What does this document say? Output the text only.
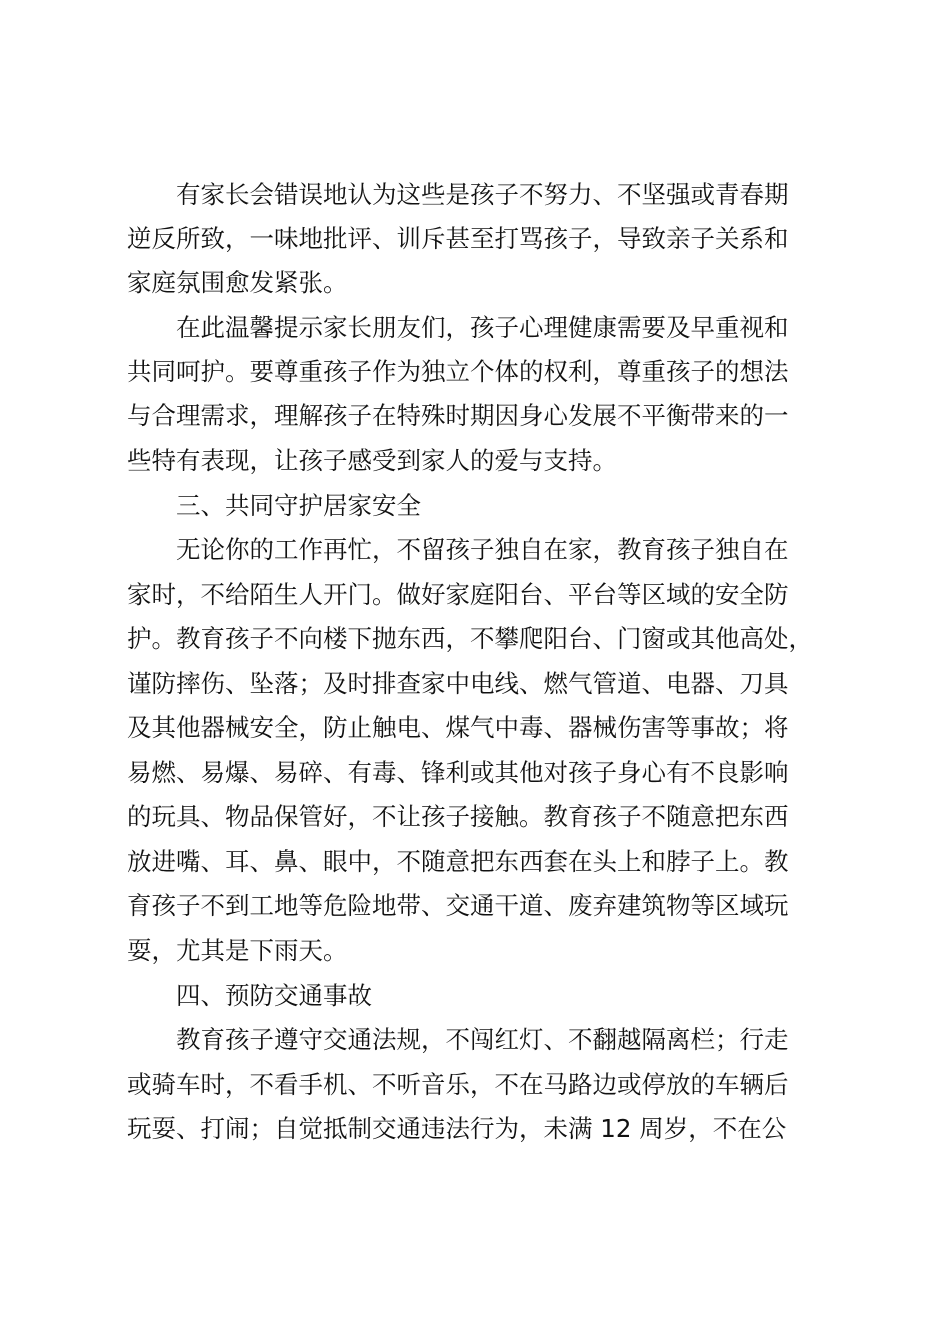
有家长会错误地认为这些是孩子不努力、不坚强或青春期
逆反所致，一味地批评、训斥甚至打骂孩子，导致亲子关系和
家庭氛围愈发紧张。
在此温馨提示家长朋友们，孩子心理健康需要及早重视和
共同呵护。要尊重孩子作为独立个体的权利，尊重孩子的想法
与合理需求，理解孩子在特殊时期因身心发展不平衡带来的一
些特有表现，让孩子感受到家人的爱与支持。
三、共同守护居家安全
无论你的工作再忙，不留孩子独自在家，教育孩子独自在
家时，不给陌生人开门。做好家庭阳台、平台等区域的安全防
护。教育孩子不向楼下抛东西，不攀爬阳台、门窗或其他高处，
谨防摔伤、坠落；及时排查家中电线、燃气管道、电器、刀具
及其他器械安全，防止触电、煤气中毒、器械伤害等事故；将
易燃、易爆、易碎、有毒、锋利或其他对孩子身心有不良影响
的玩具、物品保管好，不让孩子接触。教育孩子不随意把东西
放进嘴、耳、鼻、眼中，不随意把东西套在头上和脖子上。教
育孩子不到工地等危险地带、交通干道、废弃建筑物等区域玩
耍，尤其是下雨天。
四、预防交通事故
教育孩子遵守交通法规，不闯红灯、不翻越隔离栏；行走
或骑车时，不看手机、不听音乐，不在马路边或停放的车辆后
玩耍、打闹；自觉抵制交通违法行为，未满 12 周岁，不在公
